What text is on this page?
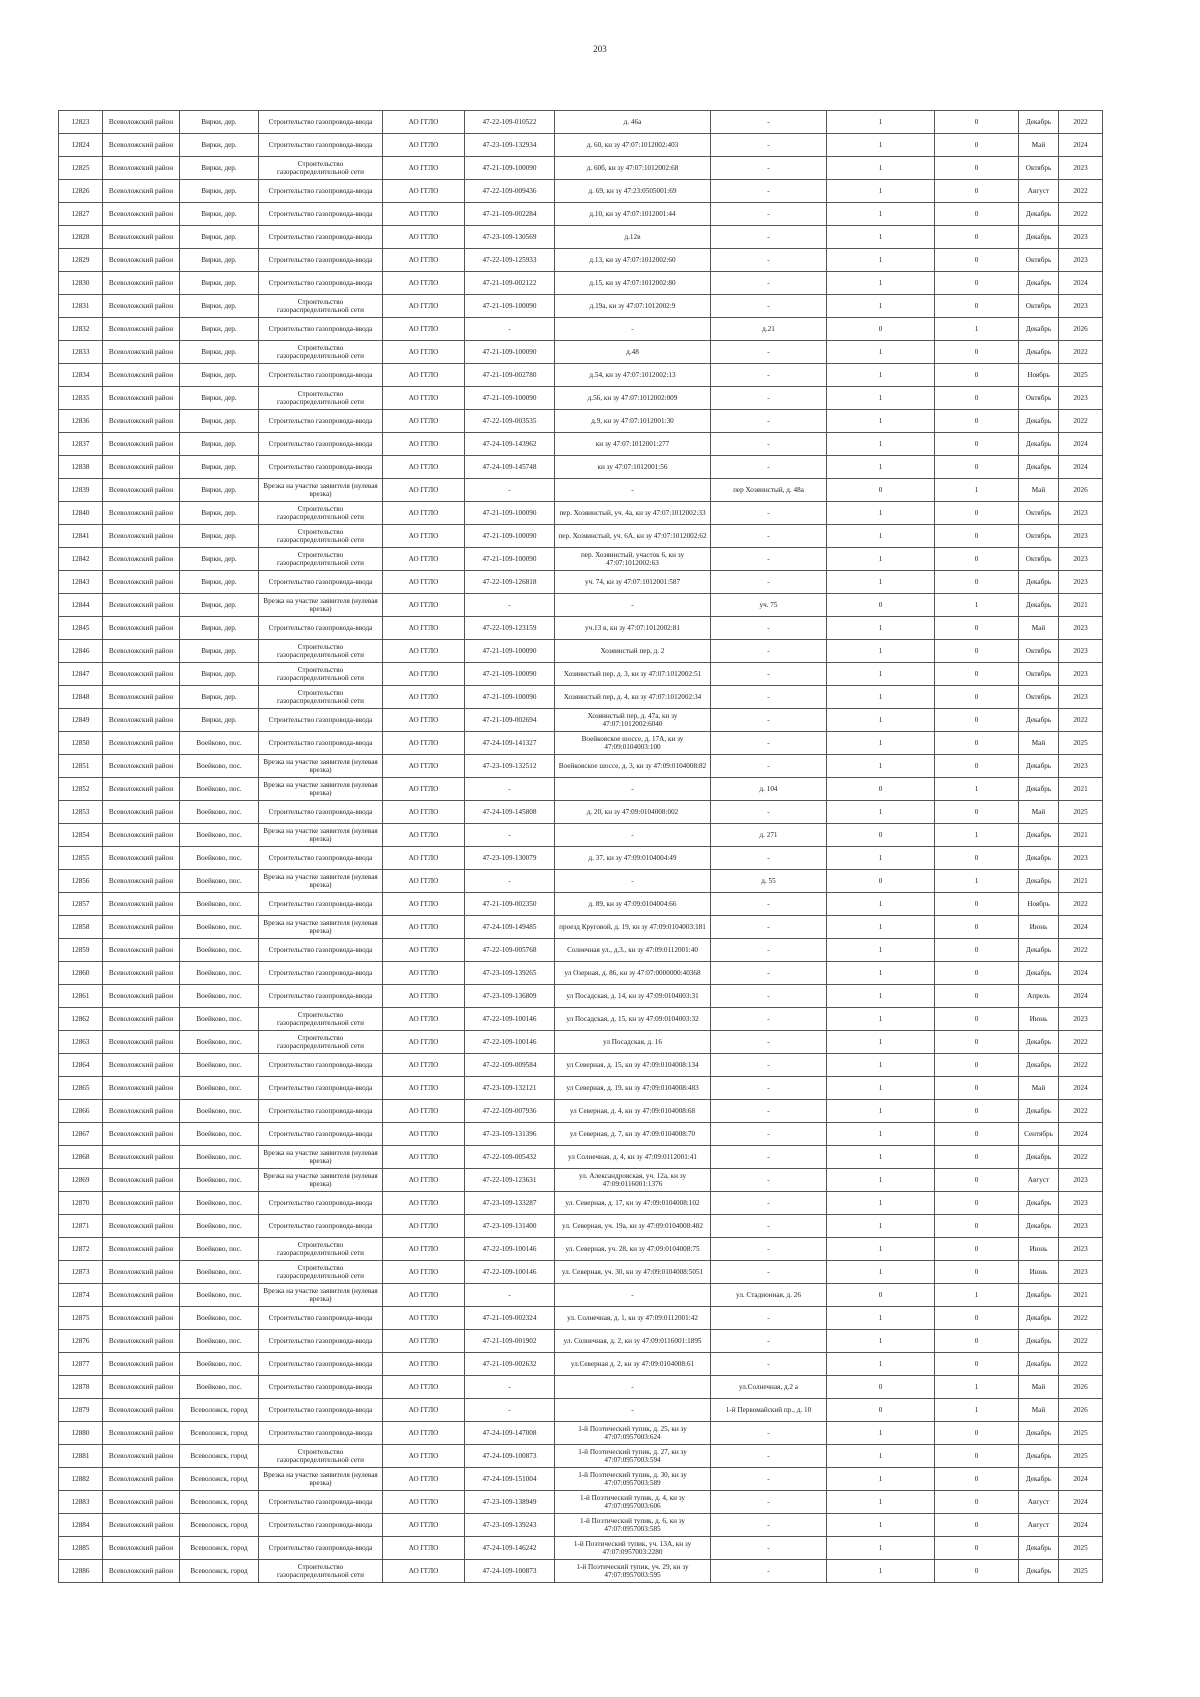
203
12823	Всеволожский район	Вирки, дер.	Строительство газопровода-ввода	АО ГГЛО	47-22-109-010522	д. 46а	-	1	0	Декабрь	2022
12824	Всеволожский район	Вирки, дер.	Строительство газопровода-ввода	АО ГГЛО	47-23-109-132934	д. 60, кн зу 47:07:1012002:403	-	1	0	Май	2024
12825	Всеволожский район	Вирки, дер.	Строительство газораспределительной сети	АО ГГЛО	47-21-109-100090	д. 60б, кн зу 47:07:1012002:68	-	1	0	Октябрь	2023
12826	Всеволожский район	Вирки, дер.	Строительство газопровода-ввода	АО ГГЛО	47-22-109-009436	д. 69, кн зу 47:23:0505001:69	-	1	0	Август	2022
12827	Всеволожский район	Вирки, дер.	Строительство газопровода-ввода	АО ГГЛО	47-21-109-002284	д.10, кн зу 47:07:1012001:44	-	1	0	Декабрь	2022
12828	Всеволожский район	Вирки, дер.	Строительство газопровода-ввода	АО ГГЛО	47-23-109-130569	д.12в	-	1	0	Декабрь	2023
12829	Всеволожский район	Вирки, дер.	Строительство газопровода-ввода	АО ГГЛО	47-22-109-125933	д.13, кн зу 47:07:1012002:60	-	1	0	Октябрь	2023
12830	Всеволожский район	Вирки, дер.	Строительство газопровода-ввода	АО ГГЛО	47-21-109-002122	д.15, кн зу 47:07:1012002:80	-	1	0	Декабрь	2024
12831	Всеволожский район	Вирки, дер.	Строительство газораспределительной сети	АО ГГЛО	47-21-109-100090	д.19а, кн зу 47:07:1012002:9	-	1	0	Октябрь	2023
12832	Всеволожский район	Вирки, дер.	Строительство газопровода-ввода	АО ГГЛО	-	-	д.21	0	1	Декабрь	2026
12833	Всеволожский район	Вирки, дер.	Строительство газораспределительной сети	АО ГГЛО	47-21-109-100090	д.48	-	1	0	Декабрь	2022
12834	Всеволожский район	Вирки, дер.	Строительство газопровода-ввода	АО ГГЛО	47-21-109-002780	д.54, кн зу 47:07:1012002:13	-	1	0	Ноябрь	2025
12835	Всеволожский район	Вирки, дер.	Строительство газораспределительной сети	АО ГГЛО	47-21-109-100090	д.56, кн зу 47:07:1012002:009	-	1	0	Октябрь	2023
12836	Всеволожский район	Вирки, дер.	Строительство газопровода-ввода	АО ГГЛО	47-22-109-003535	д.9, кн зу 47:07:1012001:30	-	1	0	Декабрь	2022
12837	Всеволожский район	Вирки, дер.	Строительство газопровода-ввода	АО ГГЛО	47-24-109-143962	кн зу 47:07:1012001:277	-	1	0	Декабрь	2024
12838	Всеволожский район	Вирки, дер.	Строительство газопровода-ввода	АО ГГЛО	47-24-109-145748	кн зу 47:07:1012001:56	-	1	0	Декабрь	2024
12839	Всеволожский район	Вирки, дер.	Врезка на участке заявителя (нулевая врезка)	АО ГГЛО	-	-	пер Хозяинстый, д. 48а	0	1	Май	2026
12840	Всеволожский район	Вирки, дер.	Строительство газораспределительной сети	АО ГГЛО	47-21-109-100090	пер. Хозяинстый, уч. 4а, кн зу 47:07:1012002:33	-	1	0	Октябрь	2023
12841	Всеволожский район	Вирки, дер.	Строительство газораспределительной сети	АО ГГЛО	47-21-109-100090	пер. Хозяинстый, уч. 6А, кн зу 47:07:1012002:62	-	1	0	Октябрь	2023
12842	Всеволожский район	Вирки, дер.	Строительство газораспределительной сети	АО ГГЛО	47-21-109-100090	пер. Хозяинстый, участок 6, кн зу 47:07:1012002:63	-	1	0	Октябрь	2023
12843	Всеволожский район	Вирки, дер.	Строительство газопровода-ввода	АО ГГЛО	47-22-109-126818	уч. 74, кн зу 47:07:1012001:587	-	1	0	Декабрь	2023
12844	Всеволожский район	Вирки, дер.	Врезка на участке заявителя (нулевая врезка)	АО ГГЛО	-	-	уч. 75	0	1	Декабрь	2021
12845	Всеволожский район	Вирки, дер.	Строительство газопровода-ввода	АО ГГЛО	47-22-109-123159	уч.13 в, кн зу 47:07:1012002:81	-	1	0	Май	2023
12846	Всеволожский район	Вирки, дер.	Строительство газораспределительной сети	АО ГГЛО	47-21-109-100090	Хозяинстый пер, д. 2	-	1	0	Октябрь	2023
12847	Всеволожский район	Вирки, дер.	Строительство газораспределительной сети	АО ГГЛО	47-21-109-100090	Хозяинстый пер, д. 3, кн зу 47:07:1012002:51	-	1	0	Октябрь	2023
12848	Всеволожский район	Вирки, дер.	Строительство газораспределительной сети	АО ГГЛО	47-21-109-100090	Хозяинстый пер, д. 4, кн зу 47:07:1012002:34	-	1	0	Октябрь	2023
12849	Всеволожский район	Вирки, дер.	Строительство газопровода-ввода	АО ГГЛО	47-21-109-002694	Хозяинстый пер, д. 47а, кн зу 47:07:1012002:6040	-	1	0	Декабрь	2022
12850	Всеволожский район	Воейково, пос.	Строительство газопровода-ввода	АО ГГЛО	47-24-109-141327	Воейковское шоссе, д. 17А, кн зу 47:09:0104003:100	-	1	0	Май	2025
12851	Всеволожский район	Воейково, пос.	Врезка на участке заявителя (нулевая врезка)	АО ГГЛО	47-23-109-132512	Воейковское шоссе, д. 3, кн зу 47:09:0104008:82	-	1	0	Декабрь	2023
12852	Всеволожский район	Воейково, пос.	Врезка на участке заявителя (нулевая врезка)	АО ГГЛО	-	-	д. 104	0	1	Декабрь	2021
12853	Всеволожский район	Воейково, пос.	Строительство газопровода-ввода	АО ГГЛО	47-24-109-145808	д. 20, кн зу 47:09:0104008:002	-	1	0	Май	2025
12854	Всеволожский район	Воейково, пос.	Врезка на участке заявителя (нулевая врезка)	АО ГГЛО	-	-	д. 271	0	1	Декабрь	2021
12855	Всеволожский район	Воейково, пос.	Строительство газопровода-ввода	АО ГГЛО	47-23-109-130079	д. 37, кн зу 47:09:0104004:49	-	1	0	Декабрь	2023
12856	Всеволожский район	Воейково, пос.	Врезка на участке заявителя (нулевая врезка)	АО ГГЛО	-	-	д. 55	0	1	Декабрь	2021
12857	Всеволожский район	Воейково, пос.	Строительство газопровода-ввода	АО ГГЛО	47-21-109-002350	д. 89, кн зу 47:09:0104004:66	-	1	0	Ноябрь	2022
12858	Всеволожский район	Воейково, пос.	Врезка на участке заявителя (нулевая врезка)	АО ГГЛО	47-24-109-149485	проезд Круговой, д. 19, кн зу 47:09:0104003:181	-	1	0	Июнь	2024
12859	Всеволожский район	Воейково, пос.	Строительство газопровода-ввода	АО ГГЛО	47-22-109-005768	Солнечная ул., д.3., кн зу 47:09:0112001:40	-	1	0	Декабрь	2022
12860	Всеволожский район	Воейково, пос.	Строительство газопровода-ввода	АО ГГЛО	47-23-109-139265	ул Озерная, д. 86, кн зу 47:07:0000000:40368	-	1	0	Декабрь	2024
12861	Всеволожский район	Воейково, пос.	Строительство газопровода-ввода	АО ГГЛО	47-23-109-136809	ул Посадская, д. 14, кн зу 47:09:0104003:31	-	1	0	Апрель	2024
12862	Всеволожский район	Воейково, пос.	Строительство газораспределительной сети	АО ГГЛО	47-22-109-100146	ул Посадская, д. 15, кн зу 47:09:0104003:32	-	1	0	Июнь	2023
12863	Всеволожский район	Воейково, пос.	Строительство газораспределительной сети	АО ГГЛО	47-22-109-100146	ул Посадская, д. 16	-	1	0	Декабрь	2022
12864	Всеволожский район	Воейково, пос.	Строительство газопровода-ввода	АО ГГЛО	47-22-109-009584	ул Северная, д. 15, кн зу 47:09:0104008:134	-	1	0	Декабрь	2022
12865	Всеволожский район	Воейково, пос.	Строительство газопровода-ввода	АО ГГЛО	47-23-109-132121	ул Северная, д. 19, кн зу 47:09:0104008:483	-	1	0	Май	2024
12866	Всеволожский район	Воейково, пос.	Строительство газопровода-ввода	АО ГГЛО	47-22-109-007936	ул Северная, д. 4, кн зу 47:09:0104008:68	-	1	0	Декабрь	2022
12867	Всеволожский район	Воейково, пос.	Строительство газопровода-ввода	АО ГГЛО	47-23-109-131396	ул Северная, д. 7, кн зу 47:09:0104008:70	-	1	0	Сентябрь	2024
12868	Всеволожский район	Воейково, пос.	Врезка на участке заявителя (нулевая врезка)	АО ГГЛО	47-22-109-005432	ул Солнечная, д. 4, кн зу 47:09:0112001:41	-	1	0	Декабрь	2022
12869	Всеволожский район	Воейково, пос.	Врезка на участке заявителя (нулевая врезка)	АО ГГЛО	47-22-109-123631	ул. Александровская, уч. 12а, кн зу 47:09:0116001:1376	-	1	0	Август	2023
12870	Всеволожский район	Воейково, пос.	Строительство газопровода-ввода	АО ГГЛО	47-23-109-133287	ул. Северная, д. 17, кн зу 47:09:0104008:102	-	1	0	Декабрь	2023
12871	Всеволожский район	Воейково, пос.	Строительство газопровода-ввода	АО ГГЛО	47-23-109-131400	ул. Северная, уч. 19а, кн зу 47:09:0104008:482	-	1	0	Декабрь	2023
12872	Всеволожский район	Воейково, пос.	Строительство газораспределительной сети	АО ГГЛО	47-22-109-100146	ул. Северная, уч. 28, кн зу 47:09:0104008:75	-	1	0	Июнь	2023
12873	Всеволожский район	Воейково, пос.	Строительство газораспределительной сети	АО ГГЛО	47-22-109-100146	ул. Северная, уч. 30, кн зу 47:09:0104008:5051	-	1	0	Июнь	2023
12874	Всеволожский район	Воейково, пос.	Врезка на участке заявителя (нулевая врезка)	АО ГГЛО	-	-	ул. Стадионная, д. 26	0	1	Декабрь	2021
12875	Всеволожский район	Воейково, пос.	Строительство газопровода-ввода	АО ГГЛО	47-21-109-002324	ул. Солнечная, д. 1, кн зу 47:09:0112001:42	-	1	0	Декабрь	2022
12876	Всеволожский район	Воейково, пос.	Строительство газопровода-ввода	АО ГГЛО	47-21-109-001902	ул. Солнечная, д. 2, кн зу 47:09:0116001:1895	-	1	0	Декабрь	2022
12877	Всеволожский район	Воейково, пос.	Строительство газопровода-ввода	АО ГГЛО	47-21-109-002632	ул.Северная д. 2, кн зу 47:09:0104008:61	-	1	0	Декабрь	2022
12878	Всеволожский район	Воейково, пос.	Строительство газопровода-ввода	АО ГГЛО	-	-	ул.Солнечная, д.2 а	0	1	Май	2026
12879	Всеволожский район	Всеволожск, город	Строительство газопровода-ввода	АО ГГЛО	-	-	1-й Первомайский пр., д. 10	0	1	Май	2026
12880	Всеволожский район	Всеволожск, город	Строительство газопровода-ввода	АО ГГЛО	47-24-109-147008	1-й Поэтический тупик, д. 25, кн зу 47:07:0957003:624	-	1	0	Декабрь	2025
12881	Всеволожский район	Всеволожск, город	Строительство газораспределительной сети	АО ГГЛО	47-24-109-100873	1-й Поэтический тупик, д. 27, кн зу 47:07:0957003:594	-	1	0	Декабрь	2025
12882	Всеволожский район	Всеволожск, город	Врезка на участке заявителя (нулевая врезка)	АО ГГЛО	47-24-109-151004	1-й Поэтический тупик, д. 30, кн зу 47:07:0957003:589	-	1	0	Декабрь	2024
12883	Всеволожский район	Всеволожск, город	Строительство газопровода-ввода	АО ГГЛО	47-23-109-138949	1-й Поэтический тупик, д. 4, кн зу 47:07:0957003:606	-	1	0	Август	2024
12884	Всеволожский район	Всеволожск, город	Строительство газопровода-ввода	АО ГГЛО	47-23-109-139243	1-й Поэтический тупик, д. 6, кн зу 47:07:0957003:585	-	1	0	Август	2024
12885	Всеволожский район	Всеволожск, город	Строительство газопровода-ввода	АО ГГЛО	47-24-109-146242	1-й Поэтический тупик, уч. 13А, кн зу 47:07:0957003:2280	-	1	0	Декабрь	2025
12886	Всеволожский район	Всеволожск, город	Строительство газораспределительной сети	АО ГГЛО	47-24-109-100873	1-й Поэтический тупик, уч. 29, кн зу 47:07:0957003:595	-	1	0	Декабрь	2025
